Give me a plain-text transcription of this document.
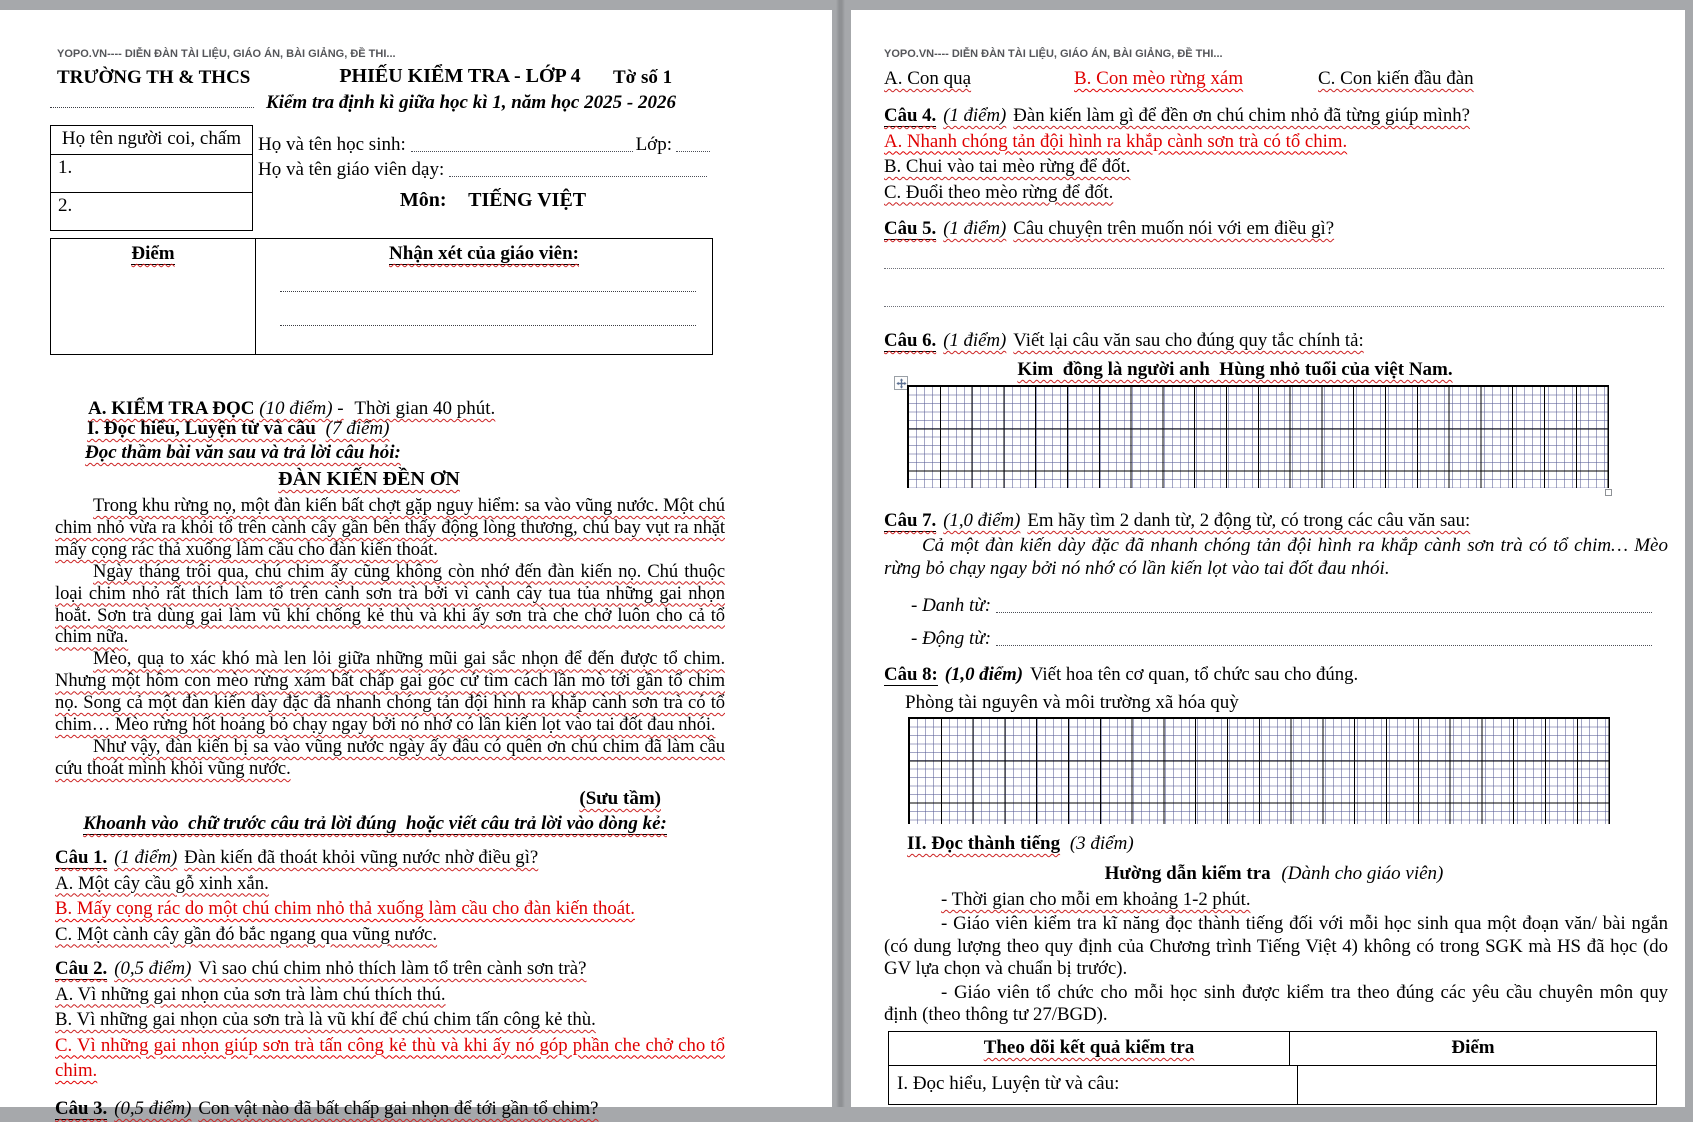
YOPO.VN---- DIỄN ĐÀN TÀI LIỆU, GIÁO ÁN, BÀI GIẢNG, ĐỀ THI...
TRƯỜNG TH & THCS	PHIẾU KIỂM TRA - LỚP 4	Tờ số 1
Kiểm tra định kì giữa học kì 1, năm học 2025 - 2026
Họ tên người coi, chấm
1.
2.
Họ và tên học sinh:	Lớp:
Họ và tên giáo viên dạy:
Môn: TIẾNG VIỆT
Điểm	Nhận xét của giáo viên:
A. KIỂM TRA ĐỌC (10 điểm) - Thời gian 40 phút.
I. Đọc hiểu, Luyện từ và câu (7 điểm)
Đọc thầm bài văn sau và trả lời câu hỏi:
ĐÀN KIẾN ĐỀN ƠN

Trong khu rừng nọ, một đàn kiến bất chợt gặp nguy hiểm: sa vào vũng nước. Một chú chim nhỏ vừa ra khỏi tổ trên cành cây gần bên thấy động lòng thương, chú bay vụt ra nhặt mấy cọng rác thả xuống làm cầu cho đàn kiến thoát.

Ngày tháng trôi qua, chú chim ấy cũng không còn nhớ đến đàn kiến nọ. Chú thuộc loại chim nhỏ rất thích làm tổ trên cành sơn trà bởi vì cành cây tua tủa những gai nhọn hoắt. Sơn trà dùng gai làm vũ khí chống kẻ thù và khi ấy sơn trà che chở luôn cho cả tổ chim nữa.

Mèo, quạ to xác khó mà len lỏi giữa những mũi gai sắc nhọn để đến được tổ chim. Nhưng một hôm con mèo rừng xám bất chấp gai góc cứ tìm cách lần mò tới gần tổ chim nọ. Song cả một đàn kiến dày đặc đã nhanh chóng tản đội hình ra khắp cành sơn trà có tổ chim… Mèo rừng hốt hoảng bỏ chạy ngay bởi nó nhớ có lần kiến lọt vào tai đốt đau nhói.

Như vậy, đàn kiến bị sa vào vũng nước ngày ấy đâu có quên ơn chú chim đã làm cầu cứu thoát mình khỏi vũng nước.

(Sưu tầm)
Khoanh vào  chữ trước câu trả lời đúng  hoặc viết câu trả lời vào dòng kẻ:
Câu 1. (1 điểm) Đàn kiến đã thoát khỏi vũng nước nhờ điều gì?
A. Một cây cầu gỗ xinh xắn.
B. Mấy cọng rác do một chú chim nhỏ thả xuống làm cầu cho đàn kiến thoát.
C. Một cành cây gần đó bắc ngang qua vũng nước.
Câu 2. (0,5 điểm) Vì sao chú chim nhỏ thích làm tổ trên cành sơn trà?
A. Vì những gai nhọn của sơn trà làm chú thích thú.
B. Vì những gai nhọn của sơn trà là vũ khí để chú chim tấn công kẻ thù.
C. Vì những gai nhọn giúp sơn trà tấn công kẻ thù và khi ấy nó góp phần che chở cho tổ chim.
Câu 3. (0,5 điểm) Con vật nào đã bất chấp gai nhọn để tới gần tổ chim?
YOPO.VN---- DIỄN ĐÀN TÀI LIỆU, GIÁO ÁN, BÀI GIẢNG, ĐỀ THI...
A. Con quạ	B. Con mèo rừng xám	C. Con kiến đầu đàn
Câu 4. (1 điểm) Đàn kiến làm gì để đền ơn chú chim nhỏ đã từng giúp mình?
A. Nhanh chóng tản đội hình ra khắp cành sơn trà có tổ chim.
B. Chui vào tai mèo rừng để đốt.
C. Đuổi theo mèo rừng để đốt.
Câu 5. (1 điểm) Câu chuyện trên muốn nói với em điều gì?
Câu 6. (1 điểm) Viết lại câu văn sau cho đúng quy tắc chính tả:
Kim  đồng là người anh  Hùng nhỏ tuổi của việt Nam.
Câu 7. (1,0 điểm) Em hãy tìm 2 danh từ, 2 động từ, có trong các câu văn sau:
Cả một đàn kiến dày đặc đã nhanh chóng tản đội hình ra khắp cành sơn trà có tổ chim… Mèo rừng bỏ chạy ngay bởi nó nhớ có lần kiến lọt vào tai đốt đau nhói.
- Danh từ:
- Động từ:
Câu 8: (1,0 điểm) Viết hoa tên cơ quan, tổ chức sau cho đúng.
Phòng tài nguyên và môi trường xã hóa quỳ
II. Đọc thành tiếng (3 điểm)
Hường dẫn kiểm tra (Dành cho giáo viên)

- Thời gian cho mỗi em khoảng 1-2 phút.

- Giáo viên kiểm tra kĩ năng đọc thành tiếng đối với mỗi học sinh qua một đoạn văn/ bài ngắn (có dung lượng theo quy định của Chương trình Tiếng Việt 4) không có trong SGK mà HS đã học (do GV lựa chọn và chuẩn bị trước).

- Giáo viên tổ chức cho mỗi học sinh được kiểm tra theo đúng các yêu cầu chuyên môn quy định (theo thông tư 27/BGD).

Theo dõi kết quả kiểm tra	Điểm
I. Đọc hiểu, Luyện từ và câu:
